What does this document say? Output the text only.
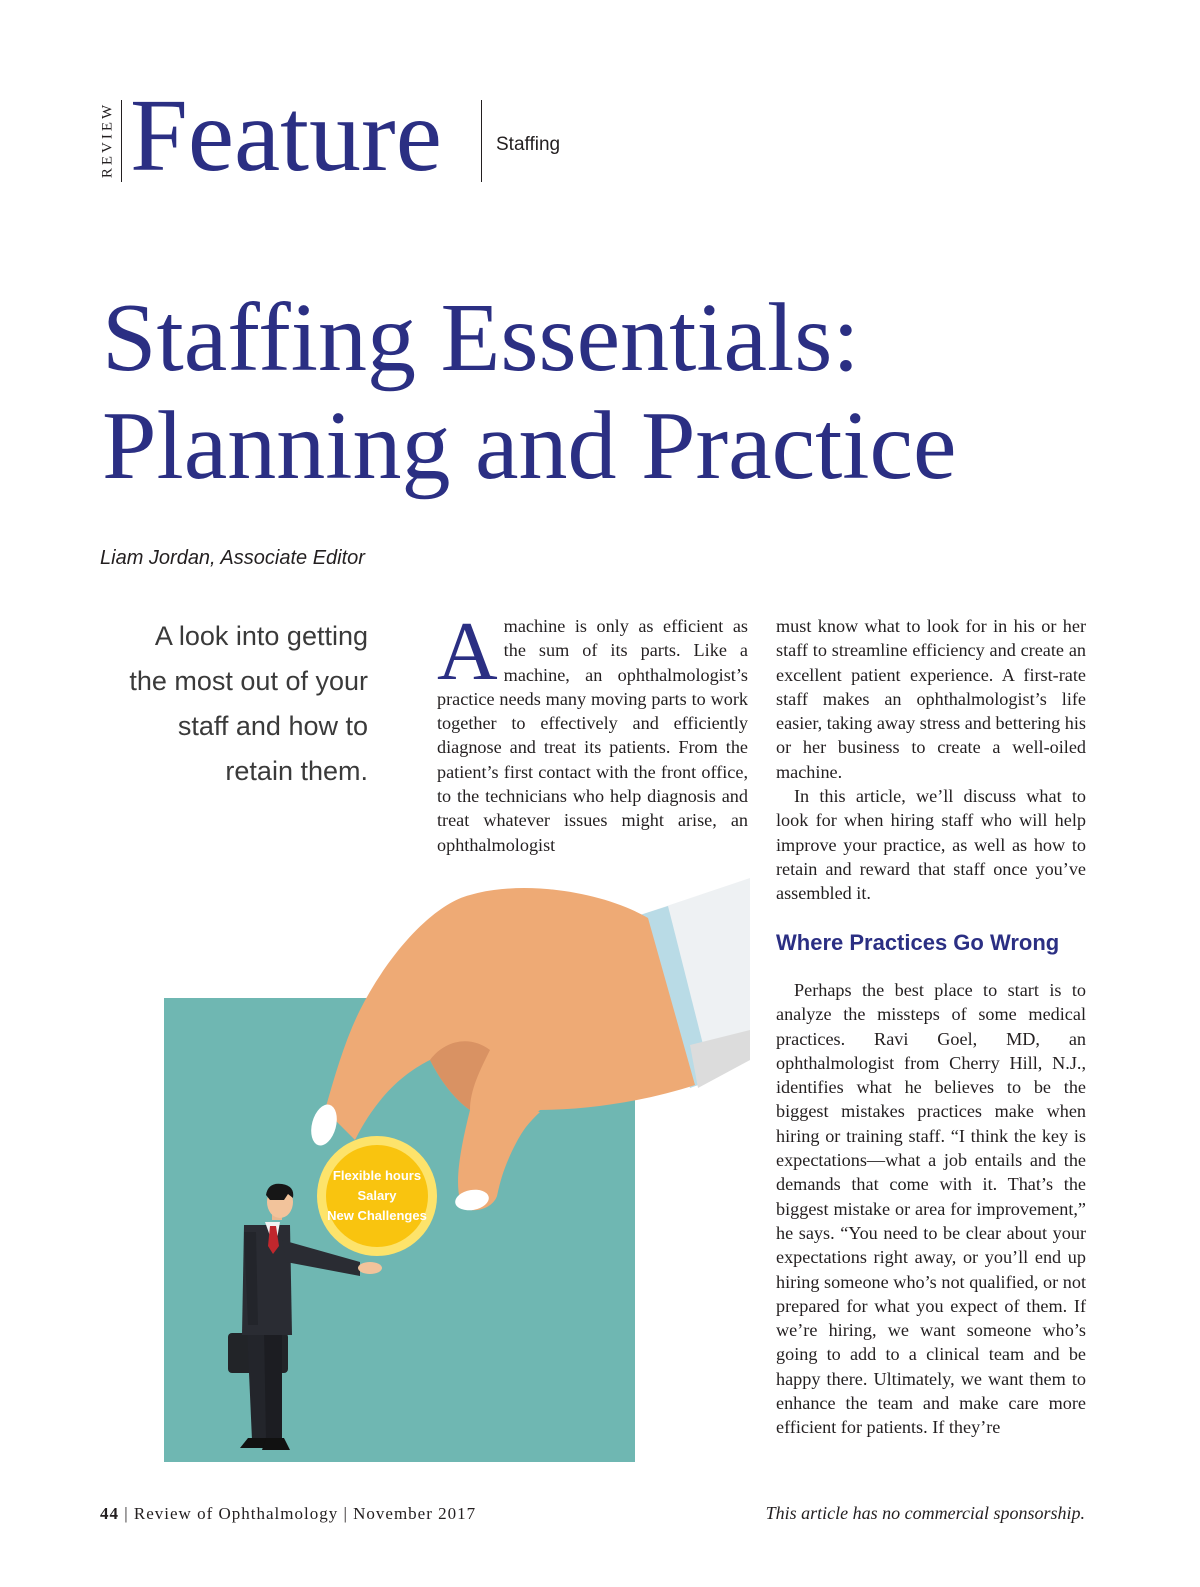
REVIEW Feature	Staffing
Staffing Essentials:
Planning and Practice
Liam Jordan, Associate Editor
A look into getting the most out of your staff and how to retain them.

Amachine is only as efficient as the sum of its parts. Like a machine, an ophthalmologist’s practice needs many moving parts to work together to effectively and efficiently diagnose and treat its patients. From the patient’s first contact with the front office, to the technicians who help diagnosis and treat whatever issues might arise, an ophthalmologist

must know what to look for in his or her staff to streamline efficiency and create an excellent patient experience. A first-rate staff makes an ophthalmologist’s life easier, taking away stress and bettering his or her business to create a well-oiled machine.

In this article, we’ll discuss what to look for when hiring staff who will help improve your practice, as well as how to retain and reward that staff once you’ve assembled it.

Where Practices Go Wrong

Perhaps the best place to start is to analyze the missteps of some medical practices. Ravi Goel, MD, an ophthalmologist from Cherry Hill, N.J., identifies what he believes to be the biggest mistakes practices make when hiring or training staff. “I think the key is expectations—what a job entails and the demands that come with it. That’s the biggest mistake or area for improvement,” he says. “You need to be clear about your expectations right away, or you’ll end up hiring someone who’s not qualified, or not prepared for what you expect of them. If we’re hiring, we want someone who’s going to add to a clinical team and be happy there. Ultimately, we want them to enhance the team and make care more efficient for patients. If they’re

Flexible hours
Salary
New Challenges
44 | Review of Ophthalmology | November 2017	This article has no commercial sponsorship.
